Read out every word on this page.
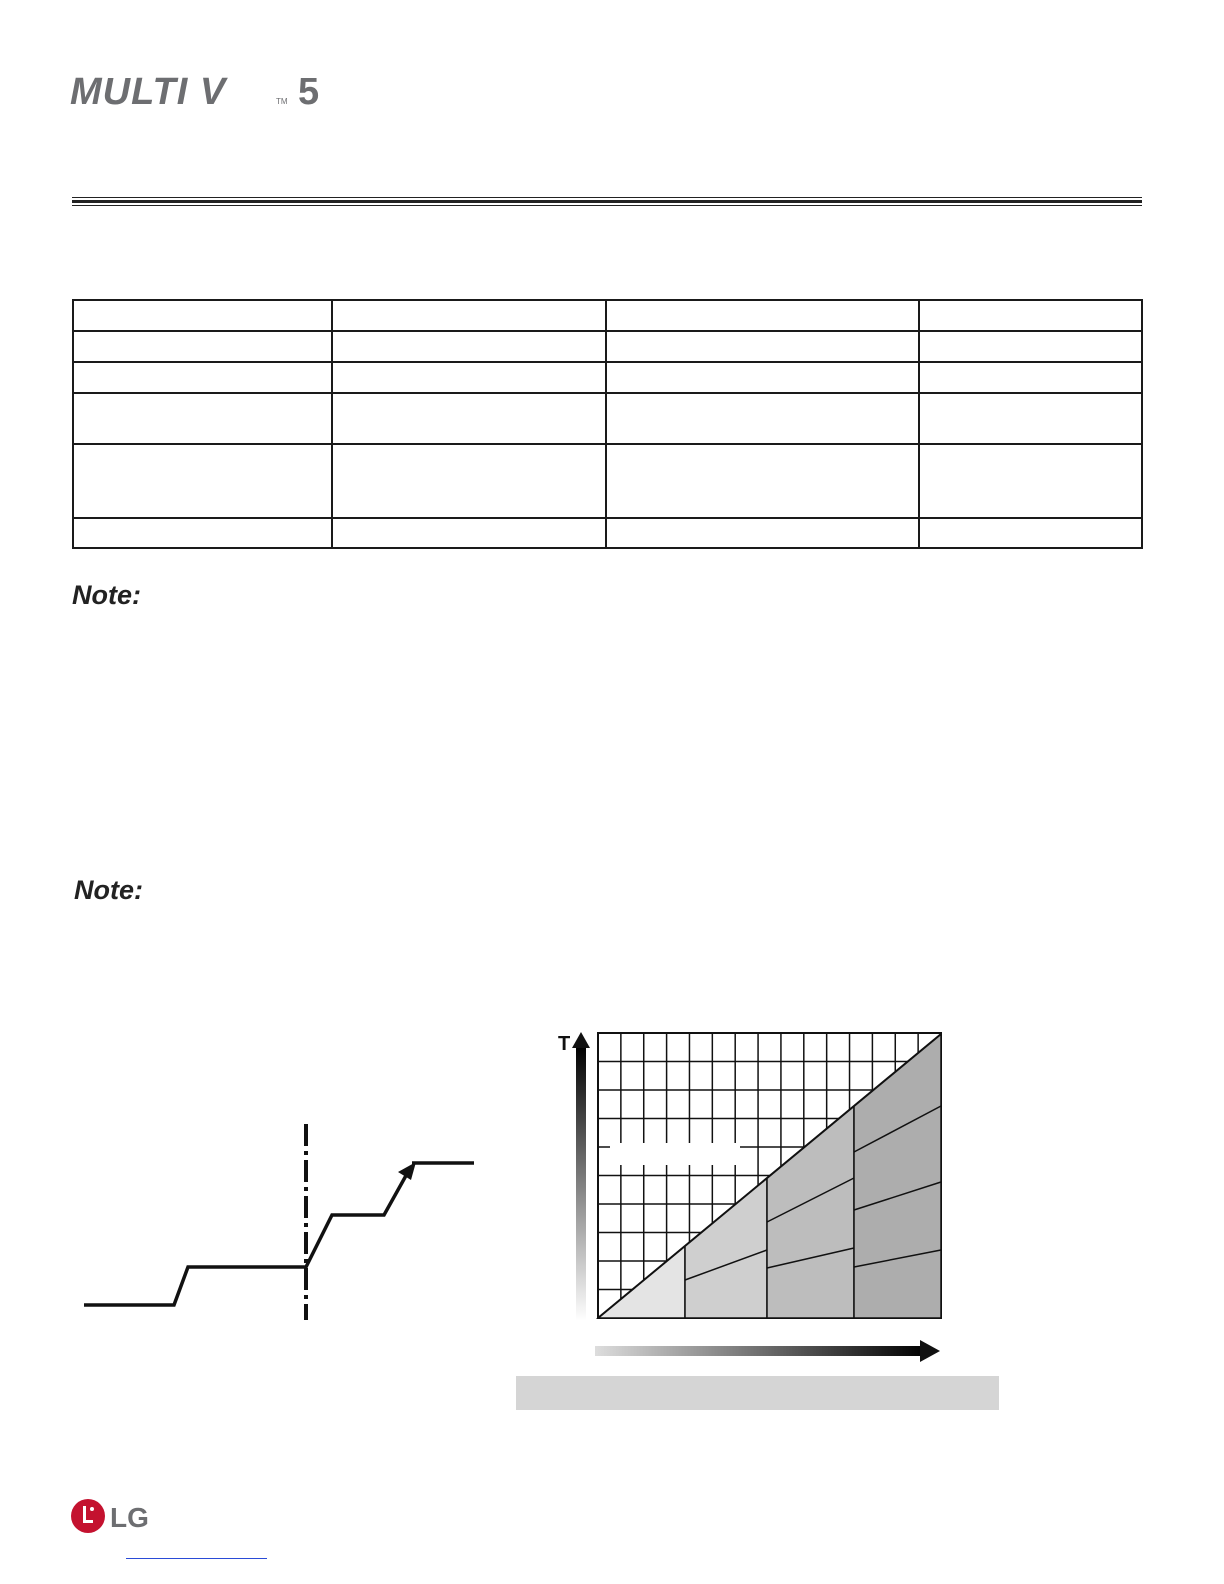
MULTI V	TM 5

Note:
Note:
T
LG
